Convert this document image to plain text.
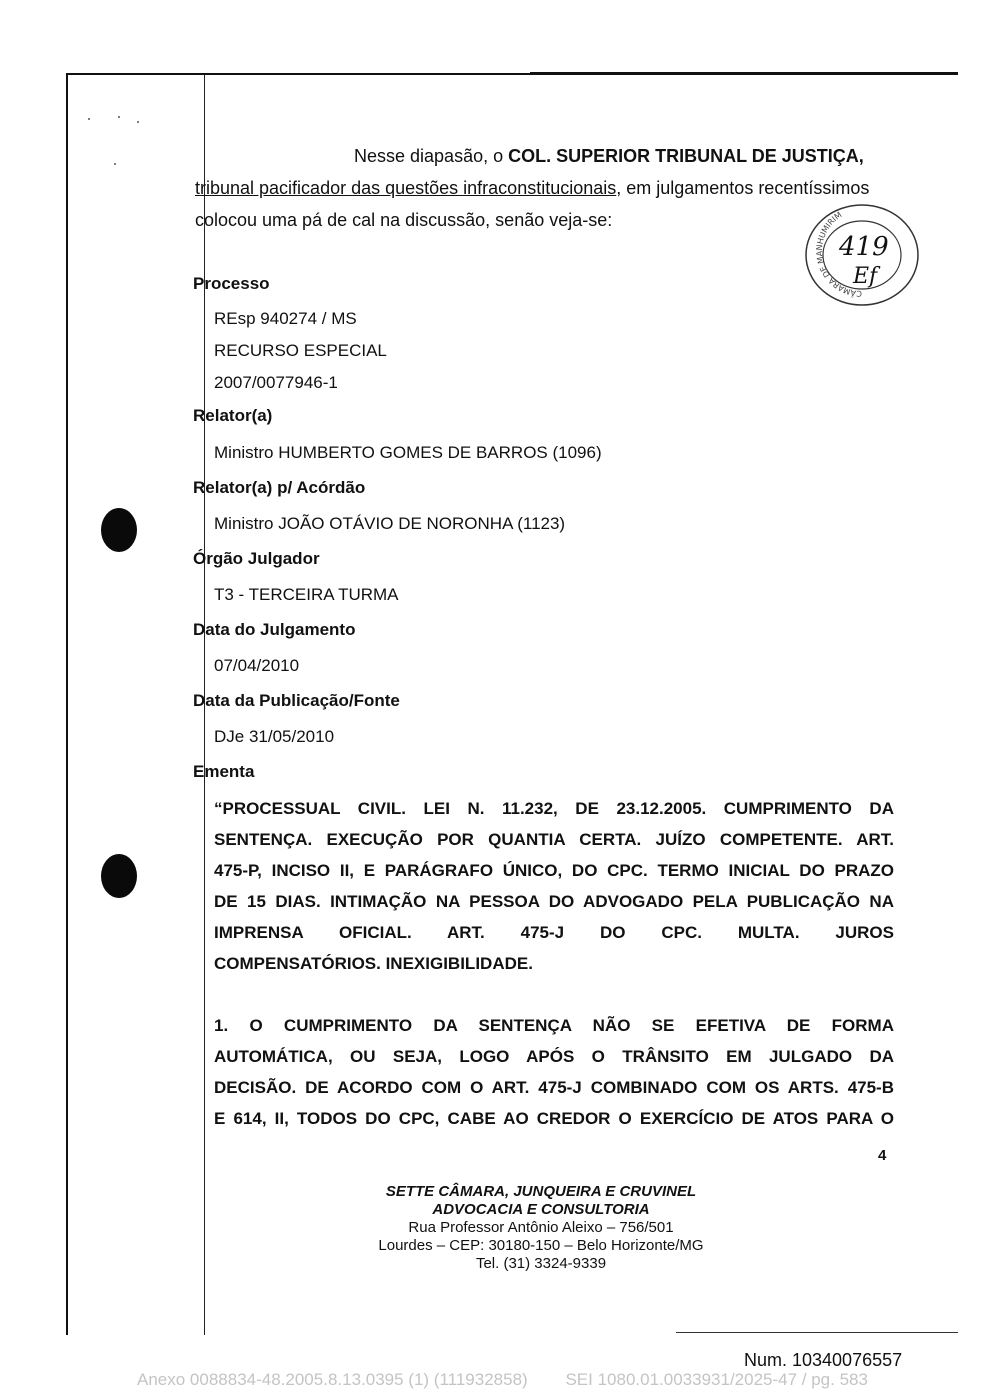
Nesse diapasão, o COL. SUPERIOR TRIBUNAL DE JUSTIÇA,
tribunal pacificador das questões infraconstitucionais, em julgamentos recentíssimos
colocou uma pá de cal na discussão, senão veja-se:
CÂMARA DE MANHUMIRIM
419
Ef
Processo
REsp 940274 / MS
RECURSO ESPECIAL
2007/0077946-1
Relator(a)
Ministro HUMBERTO GOMES DE BARROS (1096)
Relator(a) p/ Acórdão
Ministro JOÃO OTÁVIO DE NORONHA (1123)
Órgão Julgador
T3 - TERCEIRA TURMA
Data do Julgamento
07/04/2010
Data da Publicação/Fonte
DJe 31/05/2010
Ementa
“PROCESSUAL CIVIL. LEI N. 11.232, DE 23.12.2005. CUMPRIMENTO DA
SENTENÇA. EXECUÇÃO POR QUANTIA CERTA. JUÍZO COMPETENTE. ART.
475-P, INCISO II, E PARÁGRAFO ÚNICO, DO CPC. TERMO INICIAL DO PRAZO
DE 15 DIAS. INTIMAÇÃO NA PESSOA DO ADVOGADO PELA PUBLICAÇÃO NA
IMPRENSA OFICIAL. ART. 475-J DO CPC. MULTA. JUROS
COMPENSATÓRIOS. INEXIGIBILIDADE.
1. O CUMPRIMENTO DA SENTENÇA NÃO SE EFETIVA DE FORMA
AUTOMÁTICA, OU SEJA, LOGO APÓS O TRÂNSITO EM JULGADO DA
DECISÃO. DE ACORDO COM O ART. 475-J COMBINADO COM OS ARTS. 475-B
E 614, II, TODOS DO CPC, CABE AO CREDOR O EXERCÍCIO DE ATOS PARA O
4
SETTE CÂMARA, JUNQUEIRA E CRUVINEL
ADVOCACIA E CONSULTORIA
Rua Professor Antônio Aleixo – 756/501
Lourdes – CEP: 30180-150 – Belo Horizonte/MG
Tel. (31) 3324-9339
Num. 10340076557
Anexo 0088834-48.2005.8.13.0395 (1) (111932858)        SEI 1080.01.0033931/2025-47 / pg. 583
